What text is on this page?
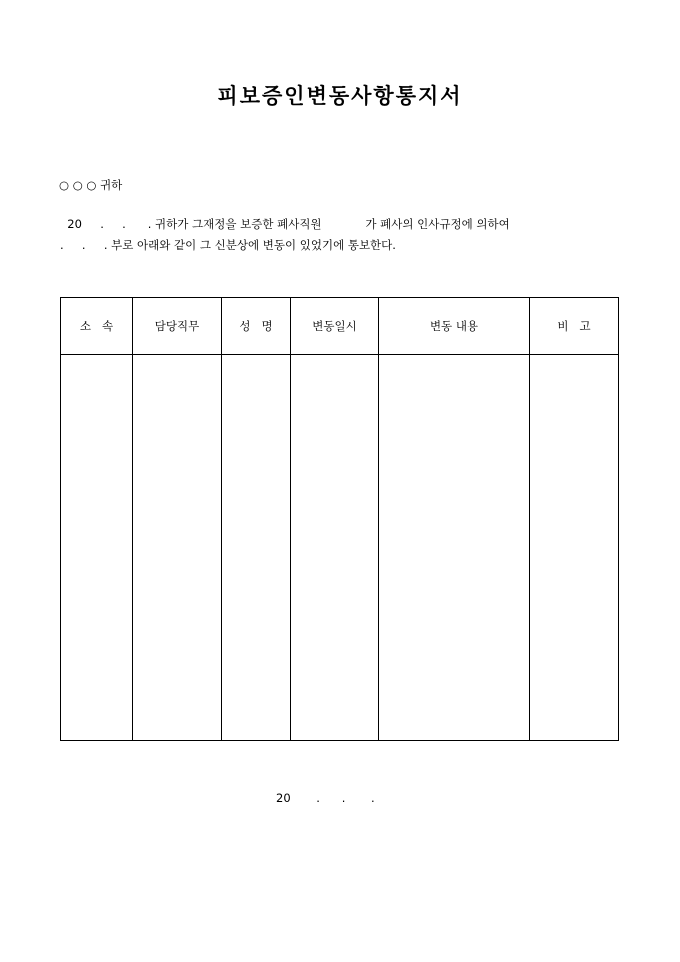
피보증인변동사항통지서
○ ○ ○ 귀하
20     .     .      . 귀하가 그재정을 보증한 폐사직원            가 폐사의 인사규정에 의하여
.     .     . 부로 아래와 같이 그 신분상에 변동이 있었기에 통보한다.
소   속	담당직무	성   명	변동일시	변동 내용	비   고

20       .      .       .
